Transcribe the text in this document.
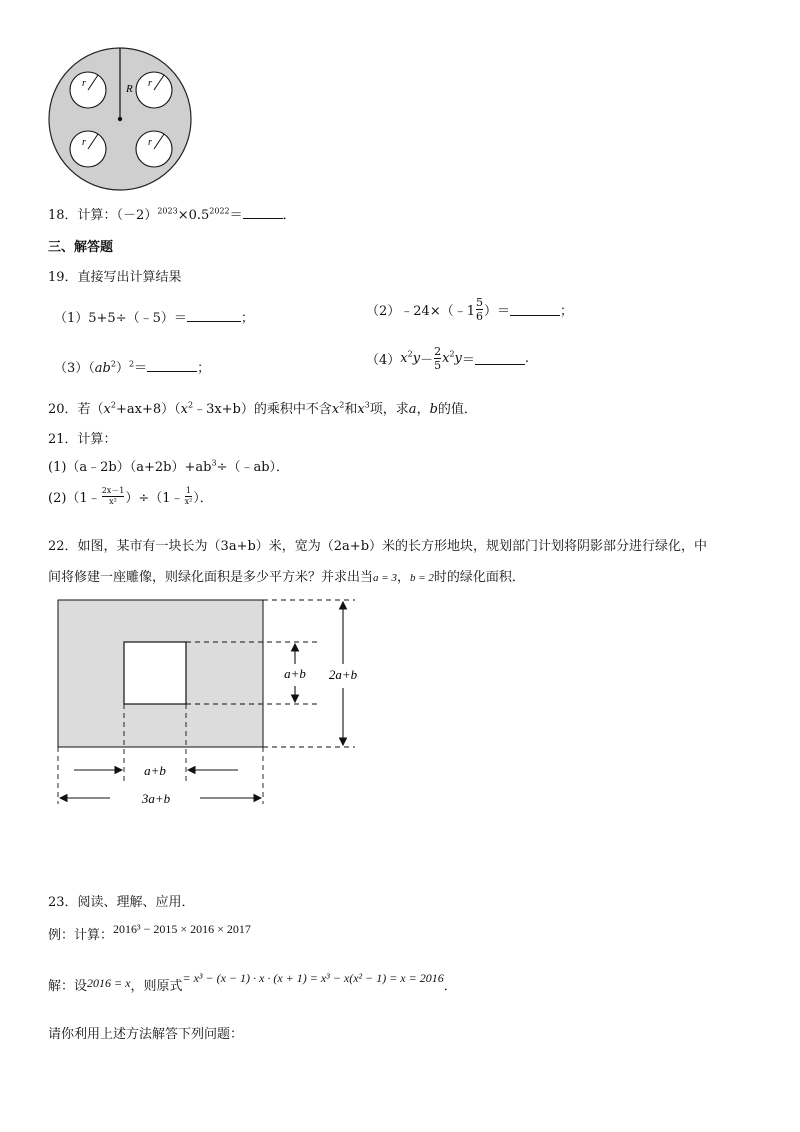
R
r	r
r	r
18．计算：$(-2)^{2023}\times 0.5^{2022}=$	．
三、解答题
19．直接写出计算结果
（1）5+5÷（﹣5）＝	；	（2）﹣24×（﹣1 $\frac{5}{6}$ ）＝	；
$(3)(ab^2)^2=$	；
$(4)x^2y- \frac{2}{5} x^2y=$	.
20．若$(x^2+ax+8)(x^2﹣3x+b)$的乘积中不含$x^2$和$x^3$项，求a，b的值．
21．计算：
$(1)(a﹣2b)(a+2b)+ab^3\div(﹣ab)$．
(2)（1﹣ $\frac{2x-1}{\text{x²}}$ ）÷（1﹣ $\frac{1}{\text{x²}}$ ）．
22．如图，某市有一块长为（3a+b）米，宽为（2a+b）米的长方形地块，规划部门计划将阴影部分进行绿化，中
间将修建一座雕像，则绿化面积是多少平方米？并求出当a = 3，b = 2时的绿化面积．
a+b
3a+b
a+b 2a+b
23．阅读、理解、应用．
例：计算：2016³ − 2015 × 2016 × 2017
解：设2016 = x，则原式= x³ − (x − 1) · x · (x + 1) = x³ − x(x² − 1) = x = 2016．
请你利用上述方法解答下列问题：
